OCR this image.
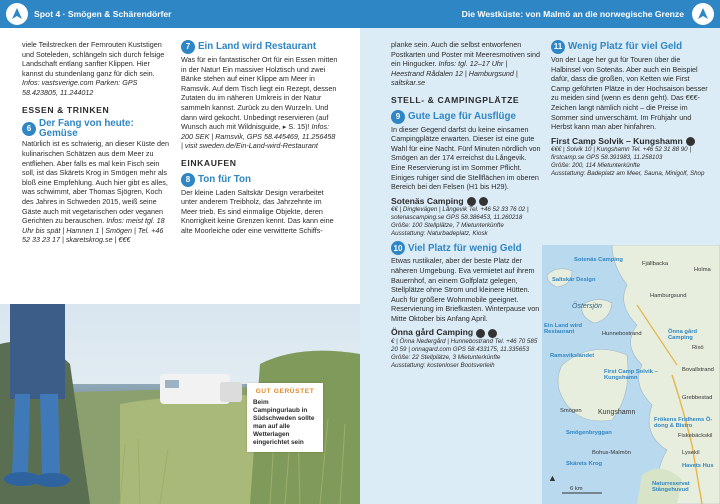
Spot 4 · Smögen & Schärendörfer	Die Westküste: von Malmö an die norwegische Grenze

viele Teilstrecken der Fernrouten Kuststigen und Soteleden, schlängeln sich durch felsige Landschaft entlang sanfter Klippen. Hier kannst du stundenlang ganz für dich sein. Infos: vastsverige.com Parken: GPS 58.423805, 11.244012

ESSEN & TRINKEN
6 Der Fang von heute: Gemüse

Natürlich ist es schwierig, an dieser Küste den kulinarischen Schätzen aus dem Meer zu entfliehen. Aber falls es mal kein Fisch sein soll, ist das Skärets Krog in Smögen mehr als bloß eine Empfehlung. Auch hier gibt es alles, was schwimmt, aber Thomas Sjögren, Koch des Jahres in Schweden 2015, weiß seine Gäste auch mit vegetarischen oder veganen Gerichten zu berauschen. Infos: meist tgl. 18 Uhr bis spät | Hamnen 1 | Smögen | Tel. +46 52 33 23 17 | skaretskrog.se | €€€

7 Ein Land wird Restaurant

Was für ein fantastischer Ort für ein Essen mitten in der Natur! Ein massiver Holztisch und zwei Bänke stehen auf einer Klippe am Meer in Ramsvik. Auf dem Tisch liegt ein Rezept, dessen Zutaten du im näheren Umkreis in der Natur sammeln kannst. Zurück zu den Wurzeln. Und dann wird gekocht. Unbedingt reservieren (auf Wunsch auch mit Wildnisguide, ▸ S. 15)! Infos: 200 SEK | Ramsvik, GPS 58.445469, 11.256458 | visit sweden.de/Ein-Land-wird-Restaurant

EINKAUFEN
8 Ton für Ton

Der kleine Laden Saltskär Design verarbeitet unter anderem Treibholz, das Jahrzehnte im Meer trieb. Es sind einmalige Objekte, deren Knorrigkeit keine Grenzen kennt. Das kann eine alte Moorleiche oder eine verwitterte Schiffs-

GUT GERÜSTET
Beim Campingurlaub in Südschweden sollte man auf alle Wetterlagen eingerichtet sein

planke sein. Auch die selbst entworfenen Postkarten und Poster mit Meeresmotiven sind ein Hingucker. Infos: tgl. 12–17 Uhr | Heestrand Rådalen 12 | Hamburgsund | saltskar.se

STELL- & CAMPINGPLÄTZE
9 Gute Lage für Ausflüge

In dieser Gegend darfst du keine einsamen Campingplätze erwarten. Dieser ist eine gute Wahl für eine Nacht. Fünf Minuten nördlich von Smögen an der 174 erreichst du Långevik. Eine Reservierung ist im Sommer Pflicht. Einiges ruhiger sind die Stellflächen im oberen Bereich bei den Felsen (H1 bis H29).

Sotenäs Camping

€€ | Dinglevägen | Långevik Tel. +46 52 33 76 02 | sotenascamping.se GPS 58.386453, 11.260218

Größe: 100 Stellplätze, 7 Mietunterkünfte

Ausstattung: Naturbadeplatz, Kiosk

10 Viel Platz für wenig Geld

Etwas rustikaler, aber der beste Platz der näheren Umgebung. Eva vermietet auf ihrem Bauernhof, an einem Golfplatz gelegen, Stellplätze ohne Strom und kleinere Hütten. Auch für größere Wohnmobile geeignet. Reservierung im Briefkasten. Winterpause von Mitte Oktober bis Anfang April.

Önna gård Camping

€ | Önna Nedergård | Hunnebostrand Tel. +46 70 585 20 59 | onnagard.com GPS 58.433175, 11.335653

Größe: 22 Stellplätze, 3 Mietunterkünfte

Ausstattung: kostenloser Bootsverleih

11 Wenig Platz für viel Geld

Von der Lage her gut für Touren über die Halbinsel von Sotenäs. Aber auch ein Beispiel dafür, dass die großen, von Ketten wie First Camp geführten Plätze in der Hochsaison besser zu meiden sind (wenn es denn geht). Das €€€-Zeichen langt nämlich nicht – die Preise im Sommer sind unverschämt. Im Frühjahr und Herbst kann man aber hinfahren.

First Camp Solvik – Kungshamn

€€€ | Solvik 10 | Kungshamn Tel. +46 52 31 88 90 | firstcamp.se GPS 58.391983, 11.258103

Größe: 200, 114 Mietunterkünfte

Ausstattung: Badeplatz am Meer, Sauna, Minigolf, Shop

Östersjön
6 km
Sotenäs Camping
Fjällbacka
Hamburgsund
Saltskär Design
Ein Land wird Restaurant	Hunnebostrand	Önna gård Camping
Ramsvikslandet
First Camp Solvik – Kungshamn
Smögen Kungshamn
Bovallstrand
Smögenbryggan
Skärets Krog
Fiskebäckskil
Havets Hus
Naturreservat Stångehuvud
Holma
Grebbestad
Rixö
Frökens Fridhems Ö-dong & Bistro
Lysekil
Bohus-Malmön
▲
